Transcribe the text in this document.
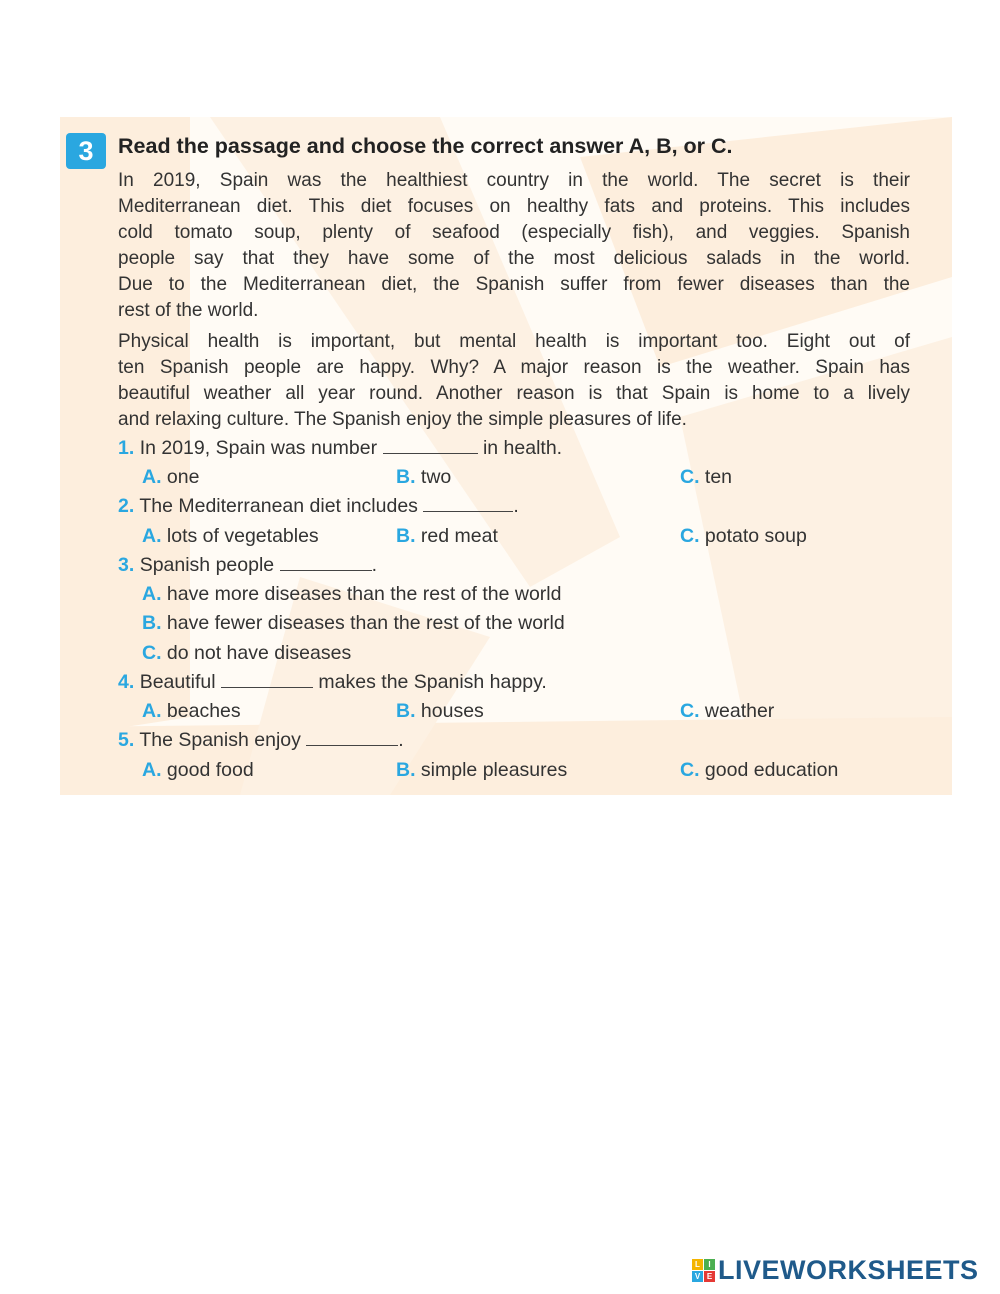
3	Read the passage and choose the correct answer A, B, or C.
In 2019, Spain was the healthiest country in the world. The secret is their
Mediterranean diet. This diet focuses on healthy fats and proteins. This includes
cold tomato soup, plenty of seafood (especially fish), and veggies. Spanish
people say that they have some of the most delicious salads in the world.
Due to the Mediterranean diet, the Spanish suffer from fewer diseases than the
rest of the world.
Physical health is important, but mental health is important too. Eight out of
ten Spanish people are happy. Why? A major reason is the weather. Spain has
beautiful weather all year round. Another reason is that Spain is home to a lively
and relaxing culture. The Spanish enjoy the simple pleasures of life.
1. In 2019, Spain was number	in health.
A. one	B. two	C. ten
2. The Mediterranean diet includes	.
A. lots of vegetables	B. red meat	C. potato soup
3. Spanish people	.
A. have more diseases than the rest of the world
B. have fewer diseases than the rest of the world
C. do not have diseases
4. Beautiful	makes the Spanish happy.
A. beaches	B. houses	C. weather
5. The Spanish enjoy	.
A. good food	B. simple pleasures	C. good education
L	I
V E LIVEWORKSHEETS
